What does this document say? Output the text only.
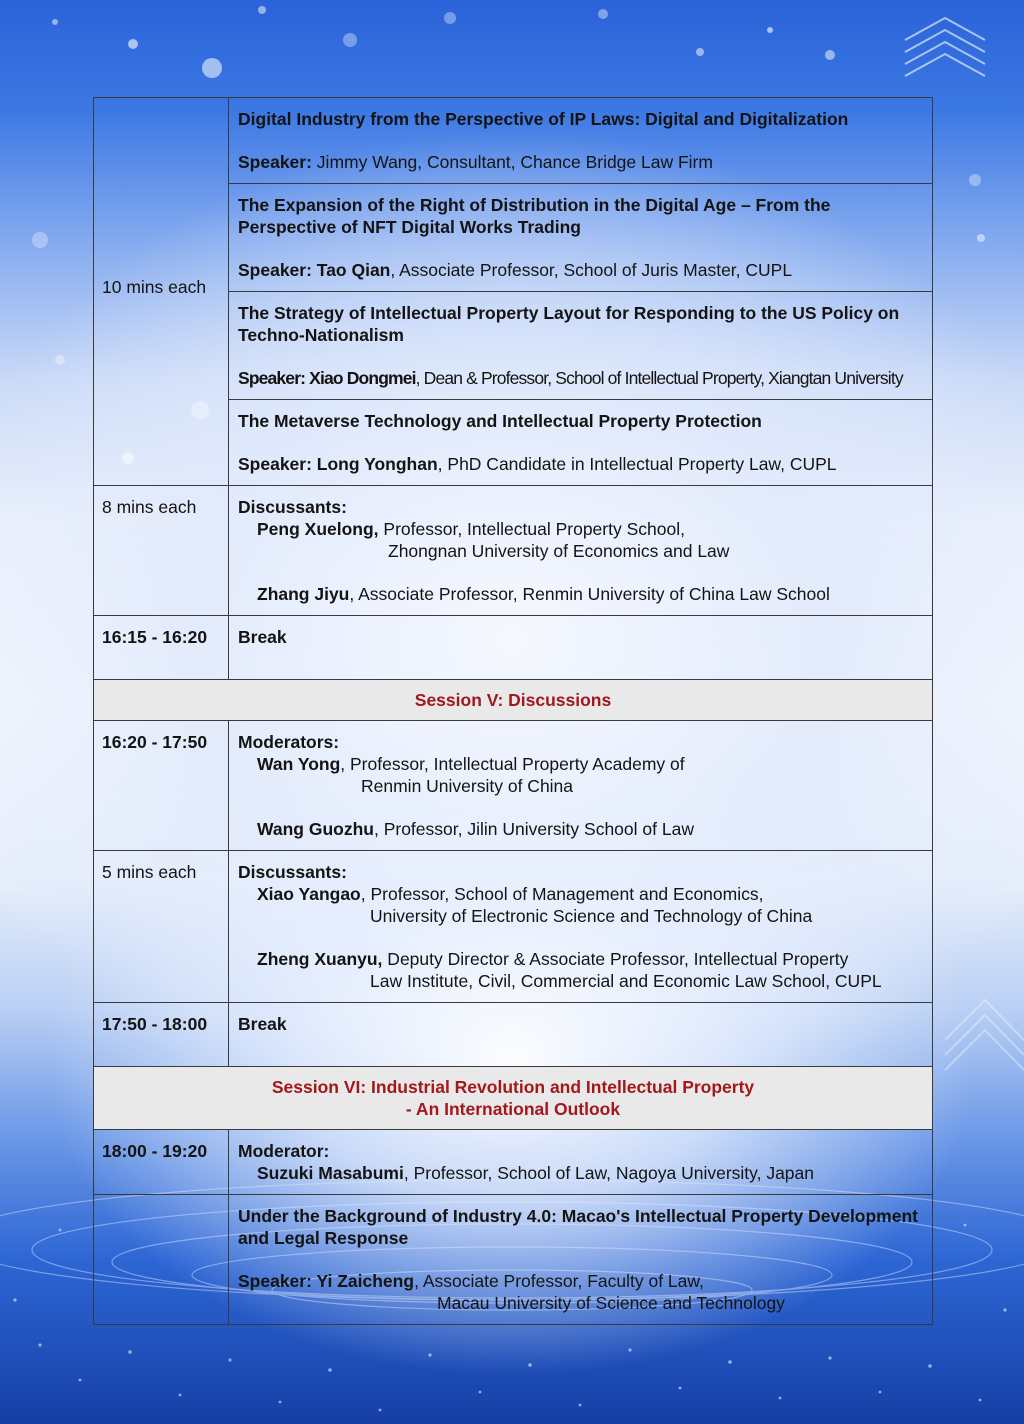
10 mins each	Digital Industry from the Perspective of IP Laws: Digital and Digitalization
Speaker: Jimmy Wang, Consultant, Chance Bridge Law Firm

	The Expansion of the Right of Distribution in the Digital Age – From the Perspective of NFT Digital Works Trading
Speaker: Tao Qian, Associate Professor, School of Juris Master, CUPL

	The Strategy of Intellectual Property Layout for Responding to the US Policy on Techno-Nationalism
Speaker: Xiao Dongmei, Dean & Professor, School of Intellectual Property, Xiangtan University

	The Metaverse Technology and Intellectual Property Protection
Speaker: Long Yonghan, PhD Candidate in Intellectual Property Law, CUPL

8 mins each	Discussants:
Peng Xuelong, Professor, Intellectual Property School,
Zhongnan University of Economics and Law
Zhang Jiyu, Associate Professor, Renmin University of China Law School

16:15 - 16:20	Break

Session V: Discussions	

16:20 - 17:50	Moderators:
Wan Yong, Professor, Intellectual Property Academy of
Renmin University of China
Wang Guozhu, Professor, Jilin University School of Law

5 mins each	Discussants:
Xiao Yangao, Professor, School of Management and Economics,
University of Electronic Science and Technology of China
Zheng Xuanyu, Deputy Director & Associate Professor, Intellectual Property
Law Institute, Civil, Commercial and Economic Law School, CUPL

17:50 - 18:00	Break

Session VI: Industrial Revolution and Intellectual Property
- An International Outlook	

18:00 - 19:20	Moderator:
Suzuki Masabumi, Professor, School of Law, Nagoya University, Japan

	Under the Background of Industry 4.0: Macao's Intellectual Property Development and Legal Response
Speaker: Yi Zaicheng, Associate Professor, Faculty of Law,
Macau University of Science and Technology
